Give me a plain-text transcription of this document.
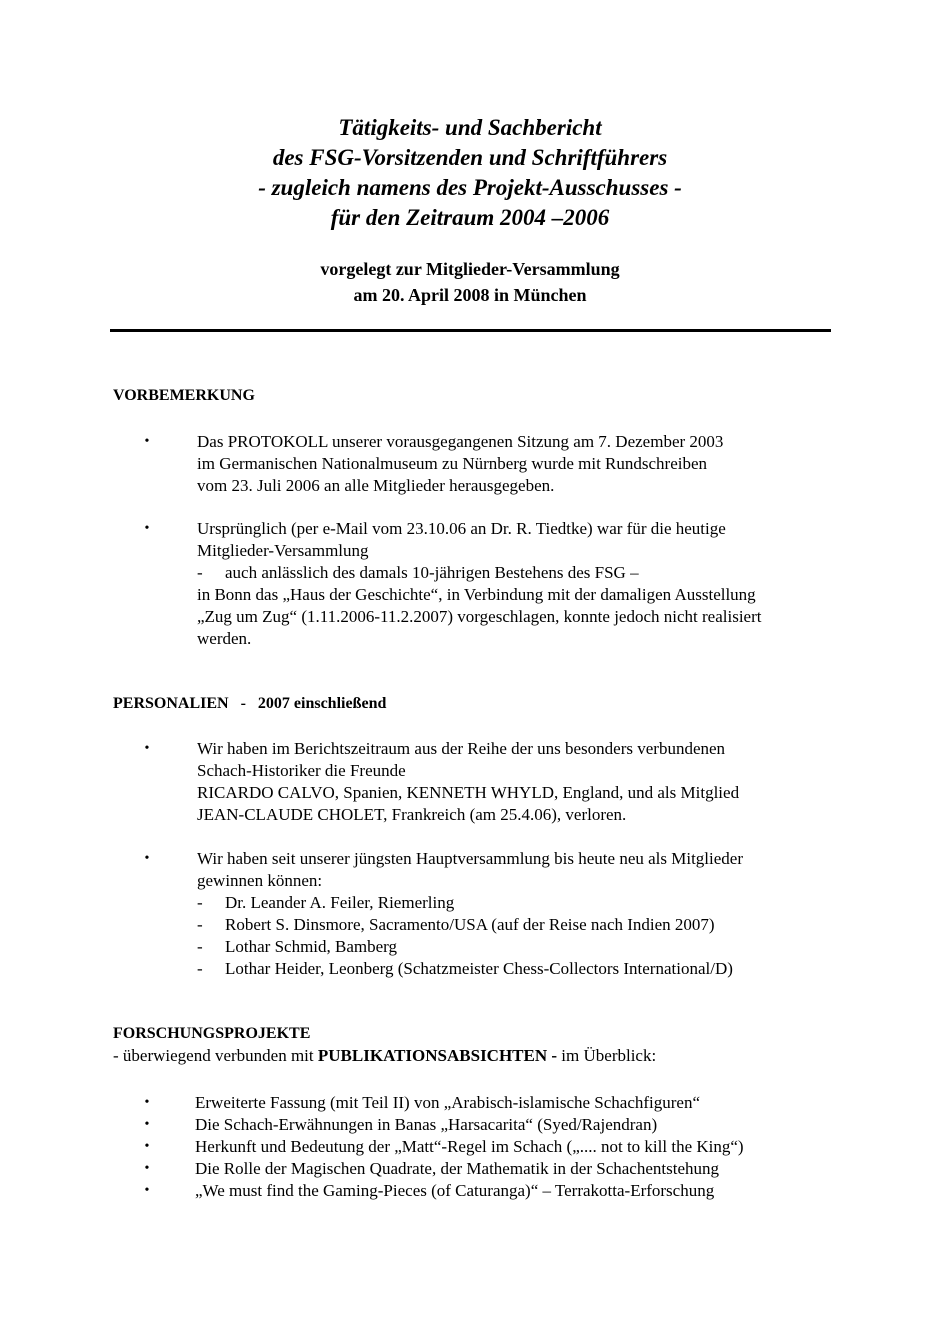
Tätigkeits- und Sachbericht
des FSG-Vorsitzenden und Schriftführers
- zugleich namens des Projekt-Ausschusses -
für den Zeitraum 2004 –2006
vorgelegt zur Mitglieder-Versammlung
am 20. April 2008 in München
VORBEMERKUNG
•	Das PROTOKOLL unserer vorausgegangenen Sitzung am 7. Dezember 2003
im Germanischen Nationalmuseum zu Nürnberg wurde mit Rundschreiben
vom 23. Juli 2006 an alle Mitglieder herausgegeben.
•	Ursprünglich (per e-Mail vom 23.10.06 an Dr. R. Tiedtke) war für die heutige
Mitglieder-Versammlung
- auch anlässlich des damals 10-jährigen Bestehens des FSG –
in Bonn das „Haus der Geschichte“, in Verbindung mit der damaligen Ausstellung
„Zug um Zug“ (1.11.2006-11.2.2007) vorgeschlagen, konnte jedoch nicht realisiert
werden.
PERSONALIEN - 2007 einschließend
•	Wir haben im Berichtszeitraum aus der Reihe der uns besonders verbundenen
Schach-Historiker die Freunde
RICARDO CALVO, Spanien, KENNETH WHYLD, England, und als Mitglied
JEAN-CLAUDE CHOLET, Frankreich (am 25.4.06), verloren.
•	Wir haben seit unserer jüngsten Hauptversammlung bis heute neu als Mitglieder
gewinnen können:
- Dr. Leander A. Feiler, Riemerling
- Robert S. Dinsmore, Sacramento/USA (auf der Reise nach Indien 2007)
- Lothar Schmid, Bamberg
- Lothar Heider, Leonberg (Schatzmeister Chess-Collectors International/D)
FORSCHUNGSPROJEKTE
- überwiegend verbunden mit PUBLIKATIONSABSICHTEN - im Überblick:
•
•
•
•
•
Erweiterte Fassung (mit Teil II) von „Arabisch-islamische Schachfiguren“
Die Schach-Erwähnungen in Banas „Harsacarita“ (Syed/Rajendran)
Herkunft und Bedeutung der „Matt“-Regel im Schach („.... not to kill the King“)
Die Rolle der Magischen Quadrate, der Mathematik in der Schachentstehung
„We must find the Gaming-Pieces (of Caturanga)“ – Terrakotta-Erforschung
